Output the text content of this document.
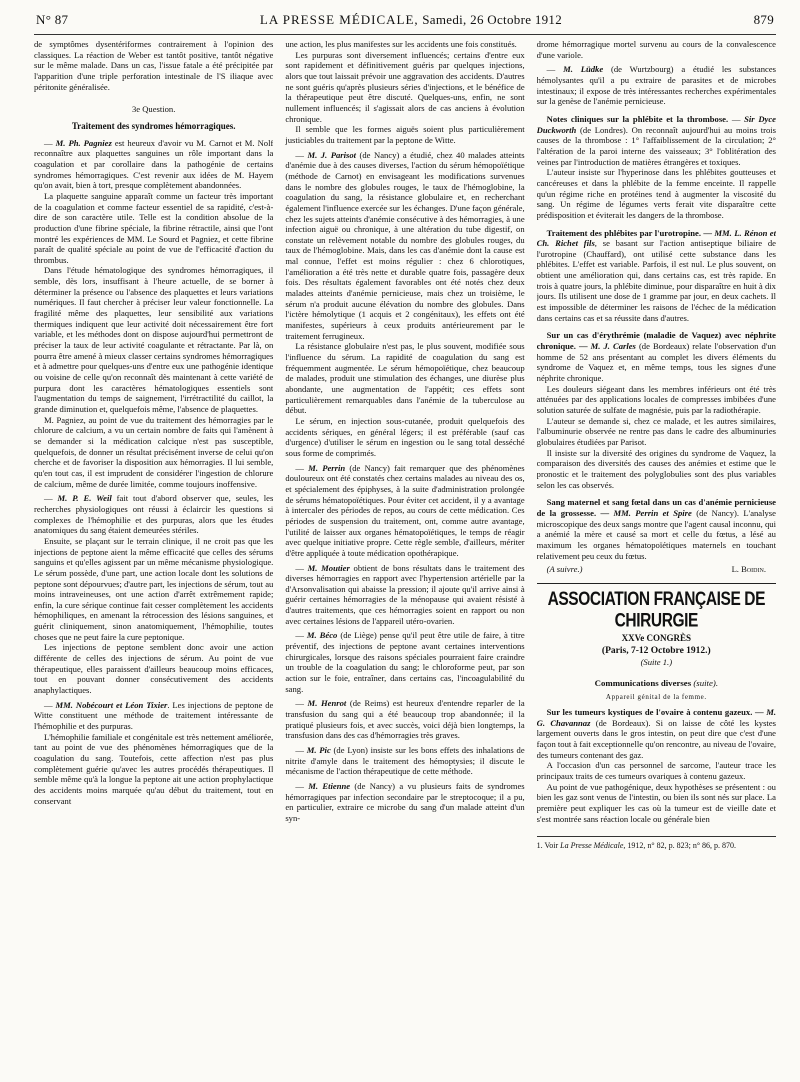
N° 87	LA PRESSE MÉDICALE, Samedi, 26 Octobre 1912	879

de symptômes dysentériformes contrairement à l'opinion des classiques. La réaction de Weber est tantôt positive, tantôt négative sur le même malade. Dans un cas, l'issue fatale a été précipitée par l'apparition d'une triple perforation intestinale de l'S iliaque avec péritonite généralisée.

3e Question.
Traitement des syndromes hémorragiques.

— M. Ph. Pagniez est heureux d'avoir vu M. Carnot et M. Nolf reconnaître aux plaquettes sanguines un rôle important dans la coagulation et par corollaire dans la pathogénie de certains syndromes hémorragiques. C'est revenir aux idées de M. Hayem qu'on avait, bien à tort, presque complètement abandonnées.

La plaquette sanguine apparaît comme un facteur très important de la coagulation et comme facteur essentiel de sa rapidité, c'est-à-dire de son caractère utile. Telle est la condition absolue de la production d'une fibrine spéciale, la fibrine rétractile, ainsi que l'ont montré les expériences de MM. Le Sourd et Pagniez, et cette fibrine paraît de qualité spéciale au point de vue de l'efficacité d'action du thrombus.

Dans l'étude hématologique des syndromes hémorragiques, il semble, dès lors, insuffisant à l'heure actuelle, de se borner à déterminer la présence ou l'absence des plaquettes et leurs variations numériques. Il faut chercher à préciser leur valeur fonctionnelle. La fragilité même des plaquettes, leur sensibilité aux variations thermiques indiquent que leur activité doit nécessairement être fort variable, et les méthodes dont on dispose aujourd'hui permettront de préciser la taux de leur activité coagulante et rétractante. Par là, on pourra être amené à mieux classer certains syndromes hémorragiques et à admettre pour quelques-uns d'entre eux une pathogénie identique ou voisine de celle qu'on reconnaît dès maintenant à cette variété de purpura dont les caractères hématologiques essentiels sont l'augmentation du temps de saignement, l'irrétractilité du caillot, la grande diminution et, quelquefois même, l'absence de plaquettes.

M. Pagniez, au point de vue du traitement des hémorragies par le chlorure de calcium, a vu un certain nombre de faits qui l'amènent à se demander si la médication calcique n'est pas susceptible, quelquefois, de donner un résultat précisément inverse de celui qu'on cherche et de favoriser la disposition aux hémorragies. Il lui semble, qu'en tout cas, il est imprudent de considérer l'ingestion de chlorure de calcium, même de durée limitée, comme toujours inoffensive.

— M. P. E. Weil fait tout d'abord observer que, seules, les recherches physiologiques ont réussi à éclaircir les questions si complexes de l'hémophilie et des purpuras, alors que les études anatomiques du sang étaient demeurées stériles.

Ensuite, se plaçant sur le terrain clinique, il ne croit pas que les injections de peptone aient la même efficacité que celles des sérums sanguins et qu'elles agissent par un même mécanisme physiologique. Le sérum possède, d'une part, une action locale dont les solutions de peptone sont dépourvues; d'autre part, les injections de sérum, tout au moins intraveineuses, ont une action d'arrêt extrêmement rapide; enfin, la cure sérique continue fait cesser complètement les accidents hémophiliques, en amenant la rétrocession des lésions sanguines, et guérit cliniquement, sinon anatomiquement, l'hémophilie, toutes choses que ne peut faire la cure peptonique.

Les injections de peptone semblent donc avoir une action différente de celles des injections de sérum. Au point de vue thérapeutique, elles paraissent d'ailleurs beaucoup moins efficaces, tout en pouvant donner consécutivement des accidents anaphylactiques.

— MM. Nobécourt et Léon Tixier. Les injections de peptone de Witte constituent une méthode de traitement intéressante de l'hémophilie et des purpuras.

L'hémophilie familiale et congénitale est très nettement améliorée, tant au point de vue des phénomènes hémorragiques que de la coagulation du sang. Toutefois, cette affection n'est pas plus complètement guérie qu'avec les autres procédés thérapeutiques. Il semble même qu'à la longue la peptone ait une action prophylactique des accidents moins marquée qu'au début du traitement, tout en conservant

une action, les plus manifestes sur les accidents une fois constitués.

Les purpuras sont diversement influencés; certains d'entre eux sont rapidement et définitivement guéris par quelques injections, alors que tout laissait prévoir une aggravation des accidents. D'autres ne sont guéris qu'après plusieurs séries d'injections, et le bénéfice de la thérapeutique peut être discuté. Quelques-uns, enfin, ne sont nullement influencés; il s'agissait alors de cas anciens à évolution chronique.

Il semble que les formes aiguës soient plus particulièrement justiciables du traitement par la peptone de Witte.

— M. J. Parisot (de Nancy) a étudié, chez 40 malades atteints d'anémie due à des causes diverses, l'action du sérum hémopoïétique (méthode de Carnot) en envisageant les modifications survenues dans le nombre des globules rouges, le taux de l'hémoglobine, la coagulation du sang, la résistance globulaire et, en recherchant également l'influence exercée sur les échanges. D'une façon générale, chez les sujets atteints d'anémie consécutive à des hémorragies, à une infection aiguë ou chronique, à une altération du tube digestif, on constate un relèvement notable du nombre des globules rouges, du taux de l'hémoglobine. Mais, dans les cas d'anémie dont la cause est mal connue, l'effet est moins régulier : chez 6 chlorotiques, l'amélioration a été très nette et durable quatre fois, passagère deux fois. Des résultats également favorables ont été notés chez deux malades atteints d'anémie pernicieuse, mais chez un troisième, le sérum n'a produit aucune élévation du nombre des globules. Dans l'ictère hémolytique (1 acquis et 2 congénitaux), les effets ont été manifestes, supérieurs à ceux produits antérieurement par le traitement ferrugineux.

La résistance globulaire n'est pas, le plus souvent, modifiée sous l'influence du sérum. La rapidité de coagulation du sang est fréquemment augmentée. Le sérum hémopoïétique, chez beaucoup de malades, produit une stimulation des échanges, une diurèse plus abondante, une augmentation de l'appétit; ces effets sont particulièrement remarquables dans l'anémie de la tuberculose au début.

Le sérum, en injection sous-cutanée, produit quelquefois des accidents sériques, en général légers; il est préférable (sauf cas d'urgence) d'utiliser le sérum en ingestion ou le sang total desséché sous forme de comprimés.

— M. Perrin (de Nancy) fait remarquer que des phénomènes douloureux ont été constatés chez certains malades au niveau des os, et spécialement des épiphyses, à la suite d'administration prolongée de sérums hématopoïétiques. Pour éviter cet accident, il y a avantage à intercaler des périodes de repos, au cours de cette médication. Ces périodes de suspension du traitement, ont, comme autre avantage, l'utilité de laisser aux organes hématopoïétiques, le temps de réagir avec quelque initiative propre. Cette règle semble, d'ailleurs, mériter d'être appliquée à toute médication opothérapique.

— M. Moutier obtient de bons résultats dans le traitement des diverses hémorragies en rapport avec l'hypertension artérielle par la d'Arsonvalisation qui abaisse la pression; il ajoute qu'il arrive ainsi à guérir certaines hémorragies de la ménopause qui avaient résisté à d'autres traitements, que ces hémorragies soient en rapport ou non avec certaines lésions de l'appareil utéro-ovarien.

— M. Béco (de Liège) pense qu'il peut être utile de faire, à titre préventif, des injections de peptone avant certaines interventions chirurgicales, lorsque des raisons spéciales pourraient faire craindre un trouble de la coagulation du sang; le chloroforme peut, par son action sur le foie, entraîner, dans certains cas, l'incoagulabilité du sang.

— M. Henrot (de Reims) est heureux d'entendre reparler de la transfusion du sang qui a été beaucoup trop abandonnée; il la pratiqué plusieurs fois, et avec succès, voici déjà bien longtemps, la transfusion dans des cas d'hémorragies très graves.

— M. Pic (de Lyon) insiste sur les bons effets des inhalations de nitrite d'amyle dans le traitement des hémoptysies; il discute le mécanisme de l'action thérapeutique de cette méthode.

— M. Etienne (de Nancy) a vu plusieurs faits de syndromes hémorragiques par infection secondaire par le streptocoque; il a pu, en particulier, extraire ce microbe du sang d'un malade atteint d'un syn-

drome hémorragique mortel survenu au cours de la convalescence d'une variole.

— M. Lüdke (de Wurtzbourg) a étudié les substances hémolysantes qu'il a pu extraire de parasites et de microbes intestinaux; il expose de très intéressantes recherches expérimentales sur la genèse de l'anémie pernicieuse.

Notes cliniques sur la phlébite et la thrombose. — Sir Dyce Duckworth (de Londres). On reconnaît aujourd'hui au moins trois causes de la thrombose : 1° l'affaiblissement de la circulation; 2° l'altération de la paroi interne des vaisseaux; 3° l'oblitération des veines par l'introduction de matières étrangères et toxiques.

L'auteur insiste sur l'hyperinose dans les phlébites goutteuses et cancéreuses et dans la phlébite de la femme enceinte. Il rappelle qu'un régime riche en protéines tend à augmenter la viscosité du sang. Un régime de légumes verts ferait vite disparaître cette prédisposition et éviterait les dangers de la thrombose.

Traitement des phlébites par l'urotropine. — MM. L. Rénon et Ch. Richet fils, se basant sur l'action antiseptique biliaire de l'urotropine (Chauffard), ont utilisé cette substance dans les phlébites. L'effet est variable. Parfois, il est nul. Le plus souvent, on obtient une amélioration qui, dans certains cas, est très rapide. En trois à quatre jours, la phlébite diminue, pour disparaître en huit à dix jours. Ils utilisent une dose de 1 gramme par jour, en deux cachets. Il est impossible de déterminer les raisons de l'échec de la médication dans certains cas et sa réussite dans d'autres.

Sur un cas d'érythrémie (maladie de Vaquez) avec néphrite chronique. — M. J. Carles (de Bordeaux) relate l'observation d'un homme de 52 ans présentant au complet les divers éléments du syndrome de Vaquez et, en même temps, tous les signes d'une néphrite chronique.

Les douleurs siégeant dans les membres inférieurs ont été très atténuées par des applications locales de compresses imbibées d'une solution saturée de sulfate de magnésie, puis par la radiothérapie.

L'auteur se demande si, chez ce malade, et les autres similaires, l'albuminurie observée ne rentre pas dans le cadre des albuminuries globulaires étudiées par Parisot.

Il insiste sur la diversité des origines du syndrome de Vaquez, la comparaison des diversités des causes des anémies et estime que le pronostic et le traitement des polyglobulies sont des plus variables selon les cas observés.

Sang maternel et sang fœtal dans un cas d'anémie pernicieuse de la grossesse. — MM. Perrin et Spire (de Nancy). L'analyse microscopique des deux sangs montre que l'agent causal inconnu, qui a anémié la mère et causé sa mort et celle du fœtus, a lésé au maximum les organes hématopoïétiques maternels en touchant relativement peu ceux du fœtus.

(A suivre.)	L. Boidin.
ASSOCIATION FRANÇAISE DE CHIRURGIE
XXVe CONGRÈS
(Paris, 7-12 Octobre 1912.)
(Suite 1.)
Communications diverses (suite).
Appareil génital de la femme.

Sur les tumeurs kystiques de l'ovaire à contenu gazeux. — M. G. Chavannaz (de Bordeaux). Si on laisse de côté les kystes largement ouverts dans le gros intestin, on peut dire que c'est d'une façon tout à fait exceptionnelle qu'on rencontre, au niveau de l'ovaire, des tumeurs contenant des gaz.

A l'occasion d'un cas personnel de sarcome, l'auteur trace les principaux traits de ces tumeurs ovariques à contenu gazeux.

Au point de vue pathogénique, deux hypothèses se présentent : ou bien les gaz sont venus de l'intestin, ou bien ils sont nés sur place. La première peut expliquer les cas où la tumeur est de vieille date et s'est montrée sans réaction locale ou générale bien

1. Voir La Presse Médicale, 1912, n° 82, p. 823; n° 86, p. 870.
